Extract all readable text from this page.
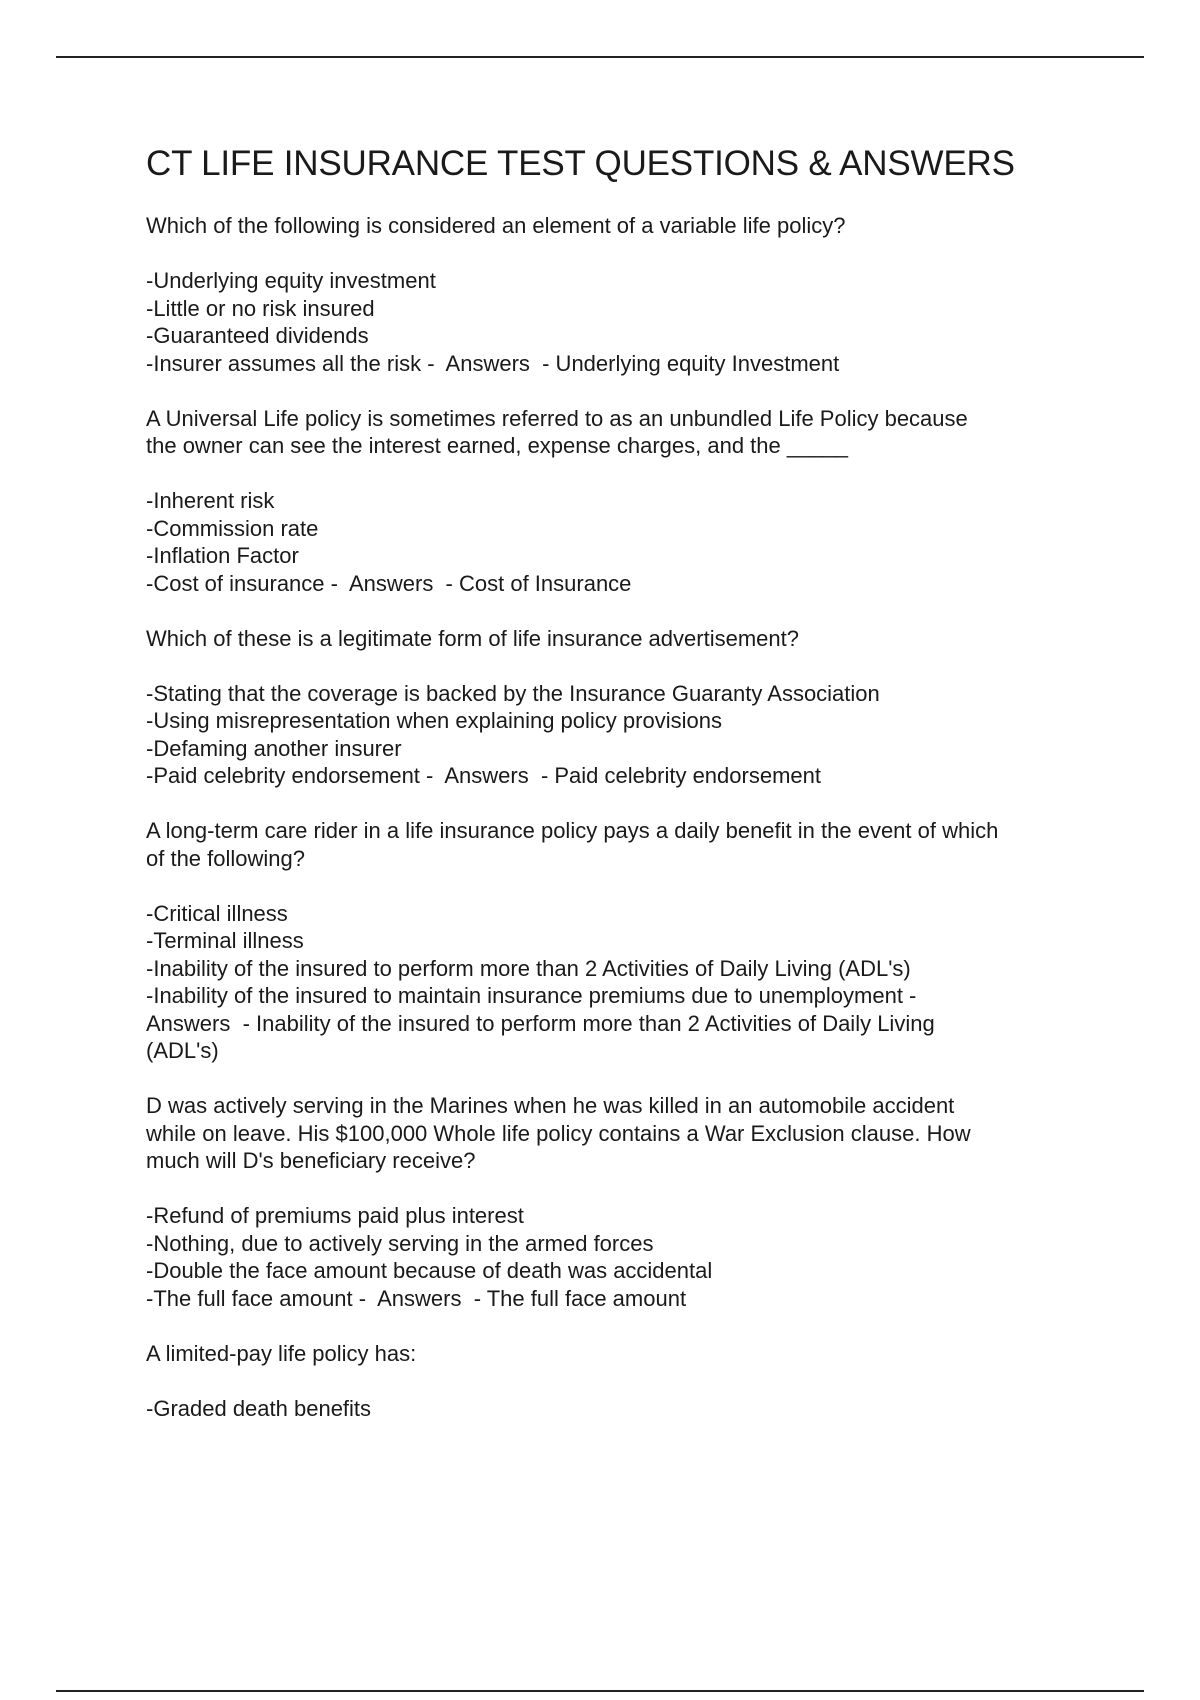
CT LIFE INSURANCE TEST QUESTIONS & ANSWERS
Which of the following is considered an element of a variable life policy?
-Underlying equity investment
-Little or no risk insured
-Guaranteed dividends
-Insurer assumes all the risk -  Answers  - Underlying equity Investment
A Universal Life policy is sometimes referred to as an unbundled Life Policy because
the owner can see the interest earned, expense charges, and the _____
-Inherent risk
-Commission rate
-Inflation Factor
-Cost of insurance -  Answers  - Cost of Insurance
Which of these is a legitimate form of life insurance advertisement?
-Stating that the coverage is backed by the Insurance Guaranty Association
-Using misrepresentation when explaining policy provisions
-Defaming another insurer
-Paid celebrity endorsement -  Answers  - Paid celebrity endorsement
A long-term care rider in a life insurance policy pays a daily benefit in the event of which
of the following?
-Critical illness
-Terminal illness
-Inability of the insured to perform more than 2 Activities of Daily Living (ADL's)
-Inability of the insured to maintain insurance premiums due to unemployment -
Answers  - Inability of the insured to perform more than 2 Activities of Daily Living
(ADL's)
D was actively serving in the Marines when he was killed in an automobile accident
while on leave. His $100,000 Whole life policy contains a War Exclusion clause. How
much will D's beneficiary receive?
-Refund of premiums paid plus interest
-Nothing, due to actively serving in the armed forces
-Double the face amount because of death was accidental
-The full face amount -  Answers  - The full face amount
A limited-pay life policy has:
-Graded death benefits
